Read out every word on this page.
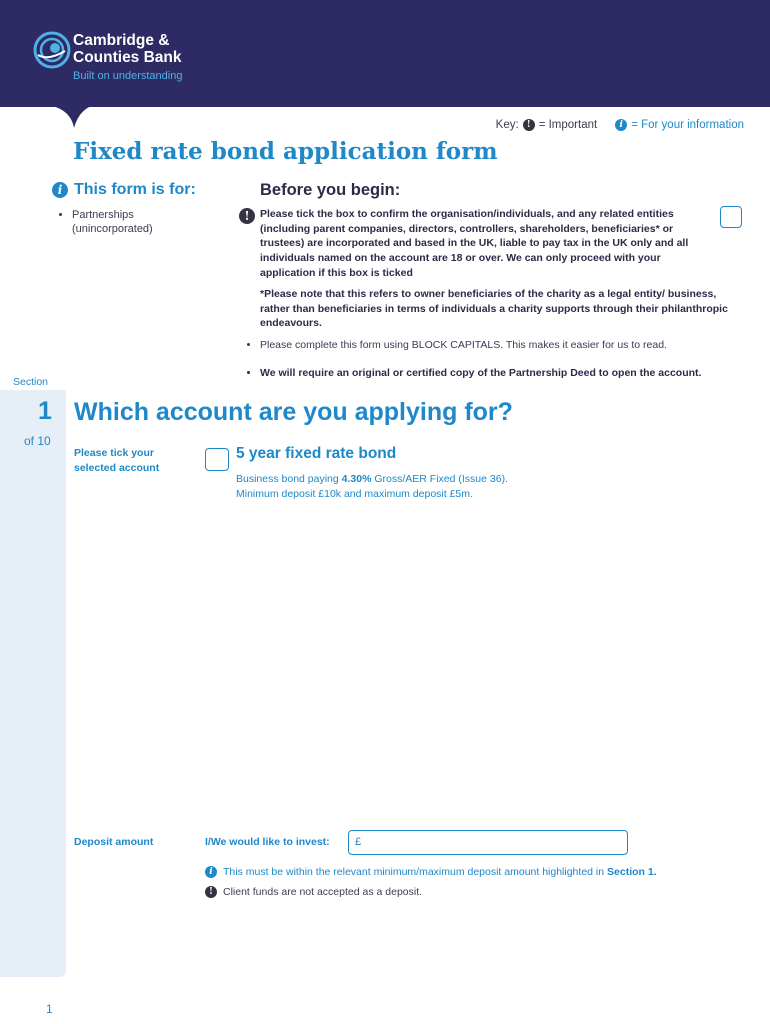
Cambridge & Counties Bank
Built on understanding
Key: ! = Important	i = For your information
Fixed rate bond application form
i This form is for:
• Partnerships (unincorporated)
Before you begin:
! Please tick the box to confirm the organisation/individuals, and any related entities (including parent companies, directors, controllers, shareholders, beneficiaries* or trustees) are incorporated and based in the UK, liable to pay tax in the UK only and all individuals named on the account are 18 or over. We can only proceed with your application if this box is ticked
*Please note that this refers to owner beneficiaries of the charity as a legal entity/ business, rather than beneficiaries in terms of individuals a charity supports through their philanthropic endeavours.
• Please complete this form using BLOCK CAPITALS. This makes it easier for us to read.
• We will require an original or certified copy of the Partnership Deed to open the account.
Section
1
of 10
Which account are you applying for?
Please tick your selected account
5 year fixed rate bond
Business bond paying 4.30% Gross/AER Fixed (Issue 36).
Minimum deposit £10k and maximum deposit £5m.
Deposit amount	I/We would like to invest:	£
i This must be within the relevant minimum/maximum deposit amount highlighted in Section 1.
! Client funds are not accepted as a deposit.
1
